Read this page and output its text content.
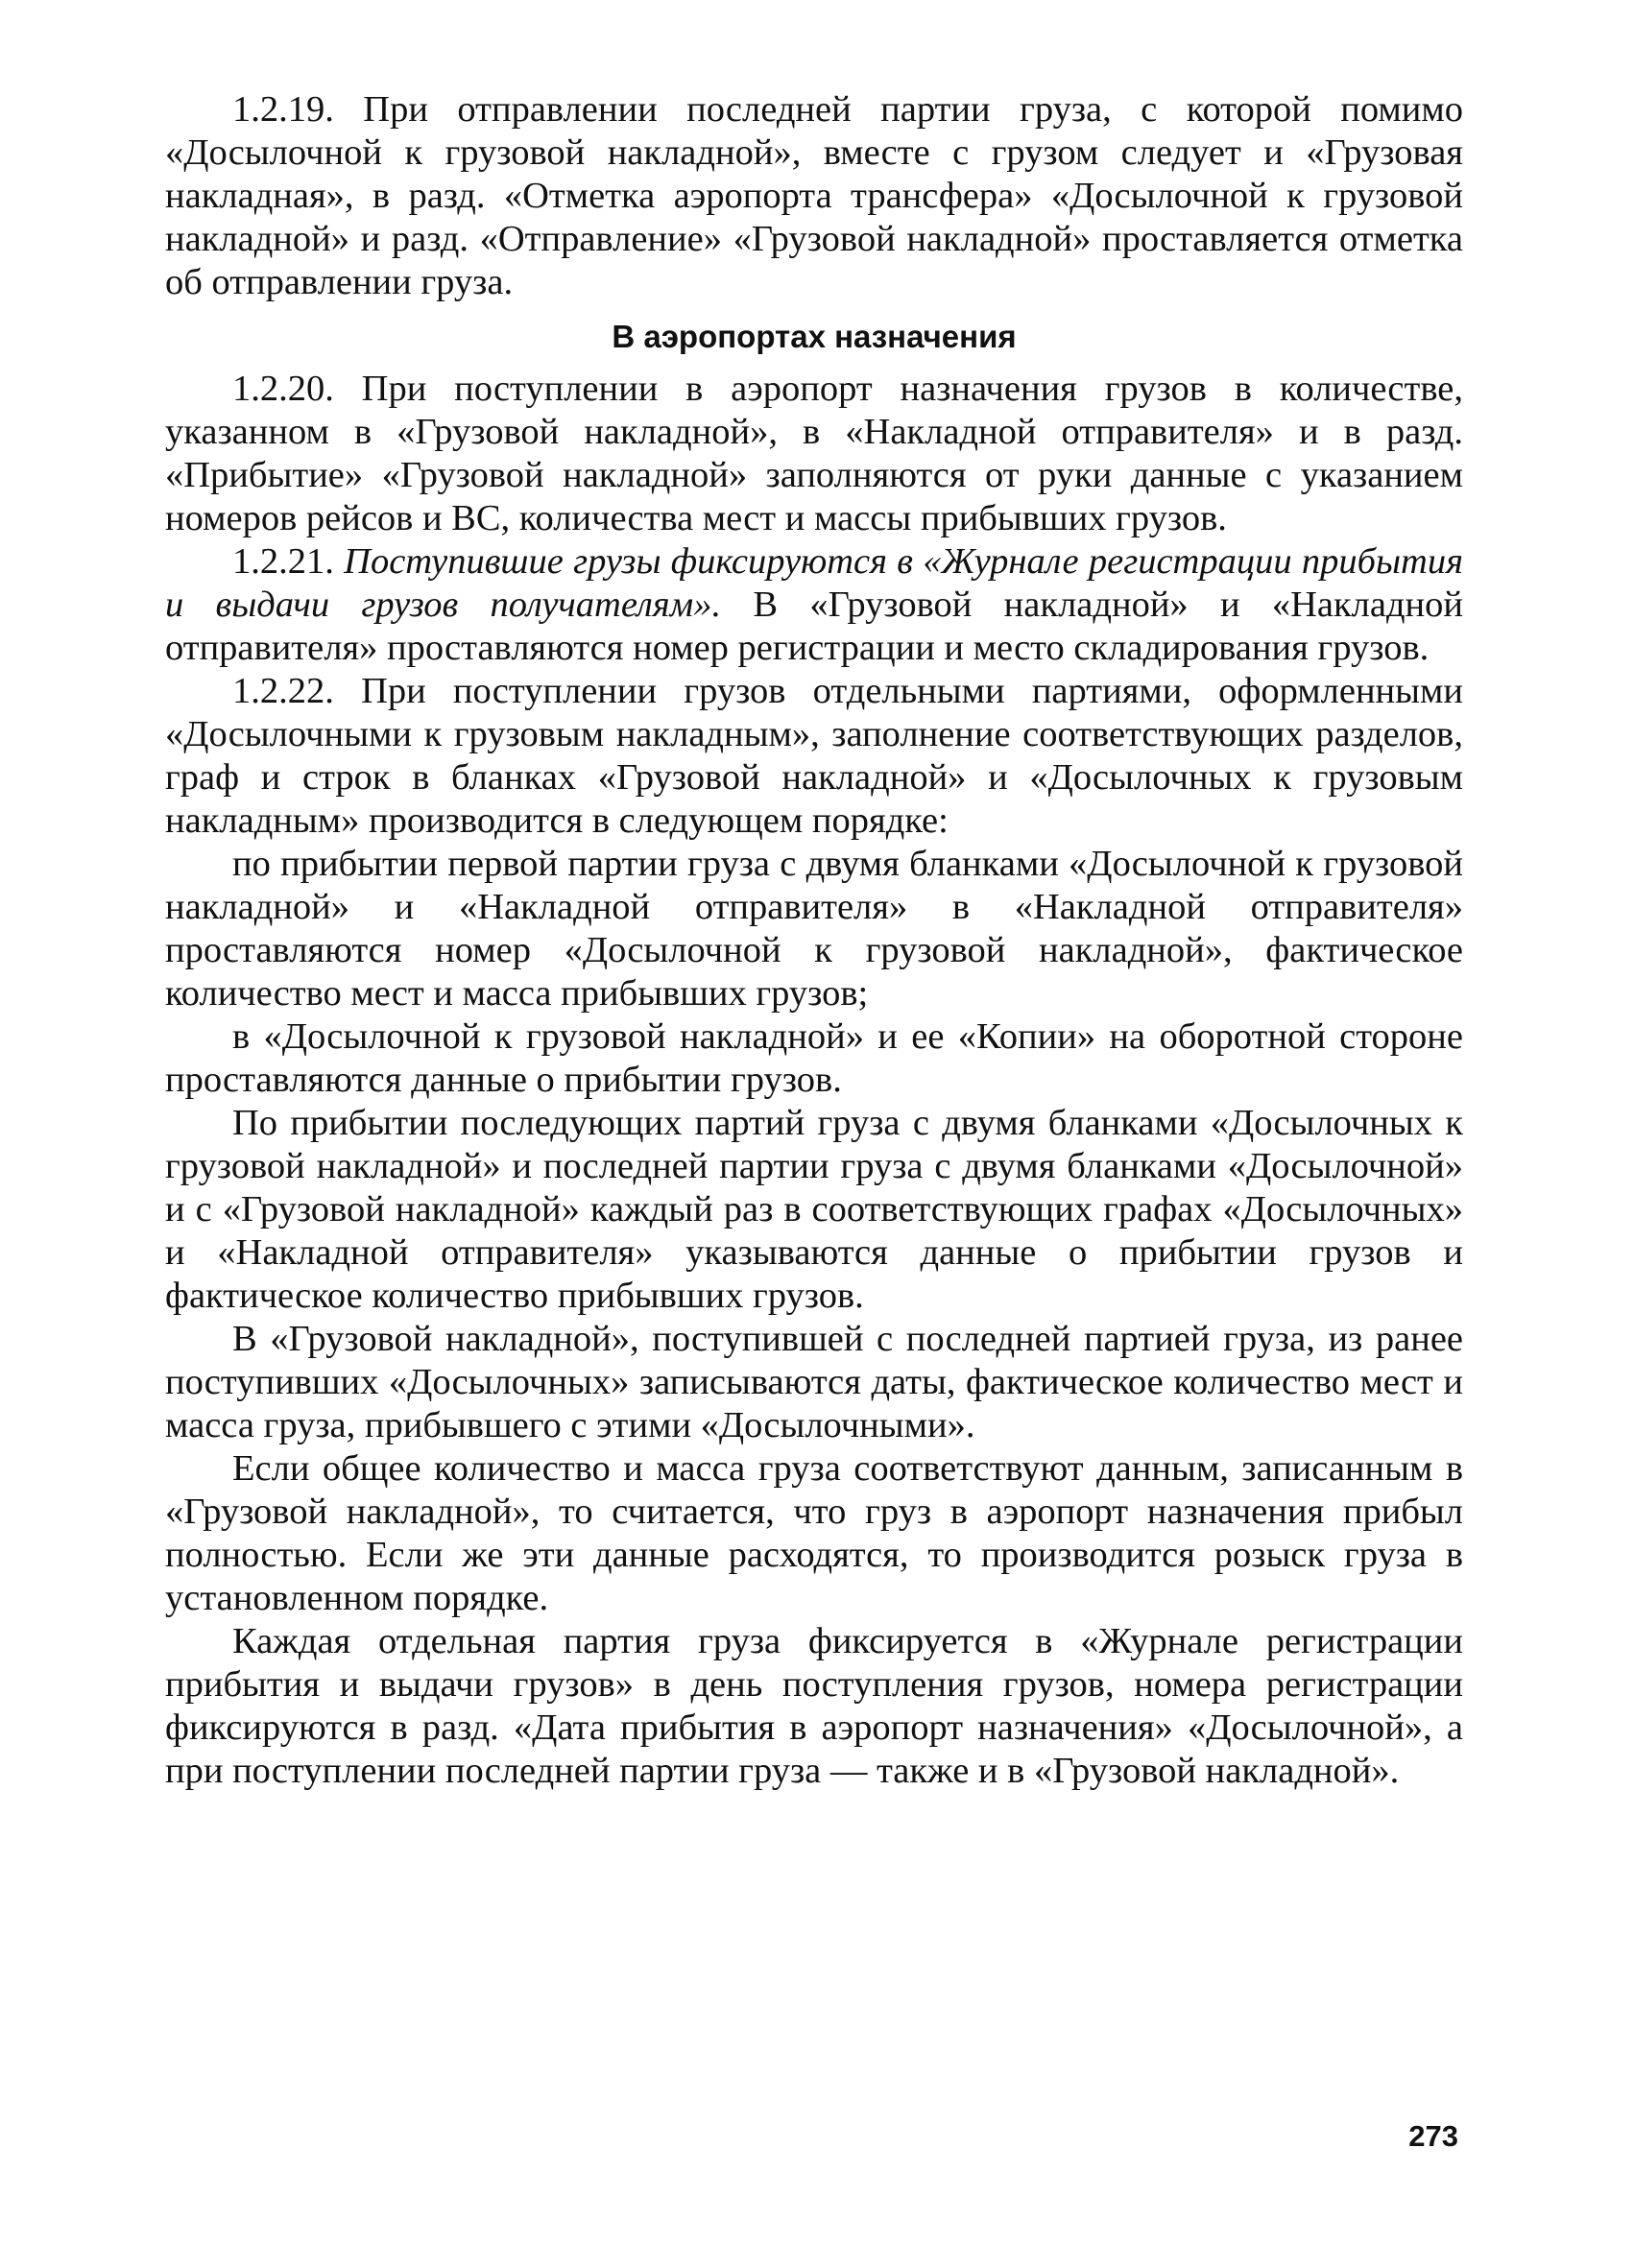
1.2.19. При отправлении последней партии груза, с которой помимо «Досылочной к грузовой накладной», вместе с грузом следует и «Грузовая накладная», в разд. «Отметка аэропорта трансфера» «Досылочной к грузовой накладной» и разд. «Отправление» «Грузовой накладной» проставляется отметка об отправлении груза.

В аэропортах назначения

1.2.20. При поступлении в аэропорт назначения грузов в количестве, указанном в «Грузовой накладной», в «Накладной отправителя» и в разд. «Прибытие» «Грузовой накладной» заполняются от руки данные с указанием номеров рейсов и ВС, количества мест и массы прибывших грузов.

1.2.21. Поступившие грузы фиксируются в «Журнале регистрации прибытия и выдачи грузов получателям». В «Грузовой накладной» и «Накладной отправителя» проставляются номер регистрации и место складирования грузов.

1.2.22. При поступлении грузов отдельными партиями, оформленными «Досылочными к грузовым накладным», заполнение соответствующих разделов, граф и строк в бланках «Грузовой накладной» и «Досылочных к грузовым накладным» производится в следующем порядке:

по прибытии первой партии груза с двумя бланками «Досылочной к грузовой накладной» и «Накладной отправителя» в «Накладной отправителя» проставляются номер «Досылочной к грузовой накладной», фактическое количество мест и масса прибывших грузов;

в «Досылочной к грузовой накладной» и ее «Копии» на оборотной стороне проставляются данные о прибытии грузов.

По прибытии последующих партий груза с двумя бланками «Досылочных к грузовой накладной» и последней партии груза с двумя бланками «Досылочной» и с «Грузовой накладной» каждый раз в соответствующих графах «Досылочных» и «Накладной отправителя» указываются данные о прибытии грузов и фактическое количество прибывших грузов.

В «Грузовой накладной», поступившей с последней партией груза, из ранее поступивших «Досылочных» записываются даты, фактическое количество мест и масса груза, прибывшего с этими «Досылочными».

Если общее количество и масса груза соответствуют данным, записанным в «Грузовой накладной», то считается, что груз в аэропорт назначения прибыл полностью. Если же эти данные расходятся, то производится розыск груза в установленном порядке.

Каждая отдельная партия груза фиксируется в «Журнале регистрации прибытия и выдачи грузов» в день поступления грузов, номера регистрации фиксируются в разд. «Дата прибытия в аэропорт назначения» «Досылочной», а при поступлении последней партии груза — также и в «Грузовой накладной».

273
